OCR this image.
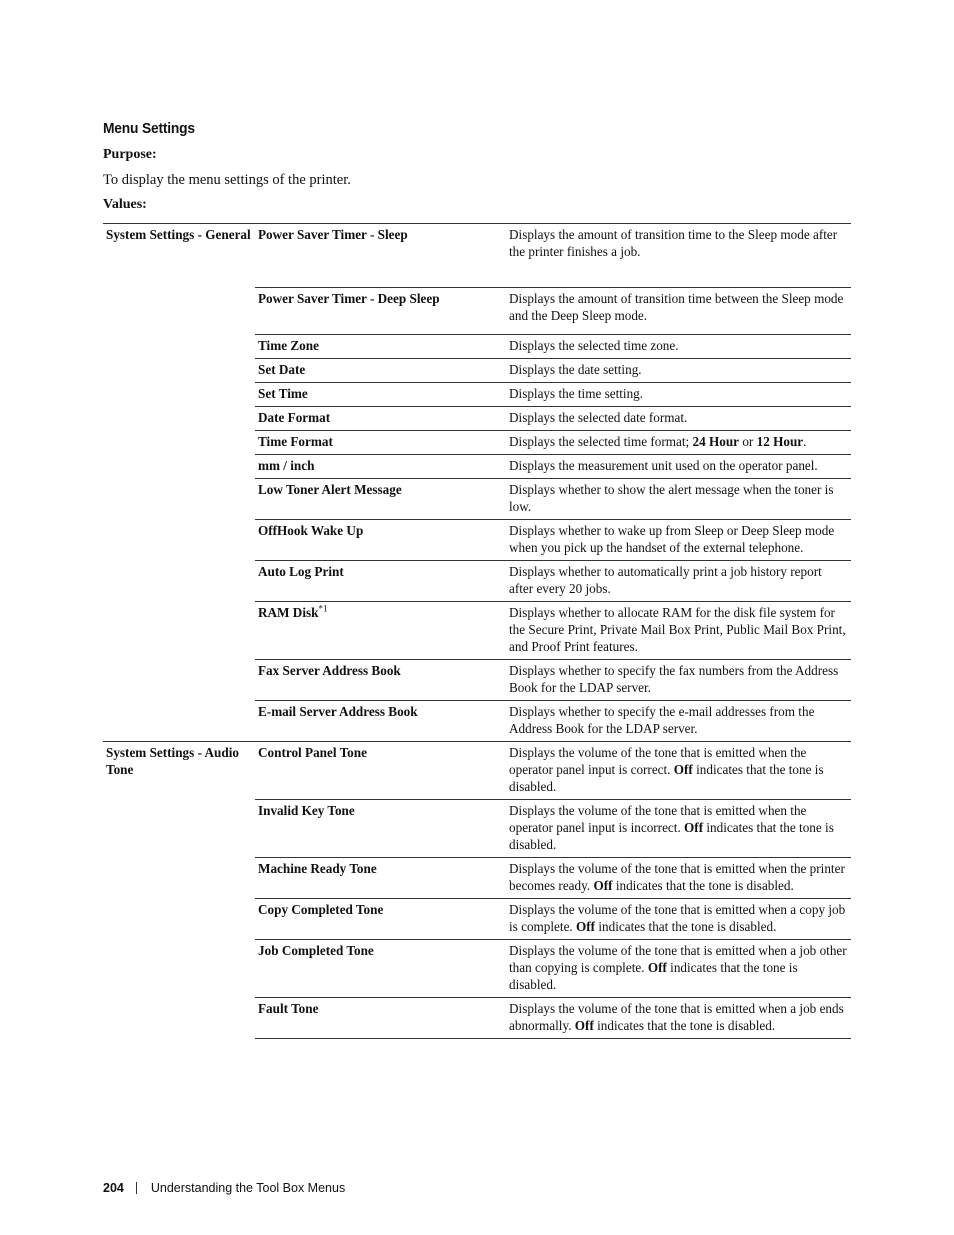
Menu Settings
Purpose:
To display the menu settings of the printer.
Values:
System Settings - General	Power Saver Timer - Sleep	Displays the amount of transition time to the Sleep mode after the printer finishes a job.
	Power Saver Timer - Deep Sleep	Displays the amount of transition time between the Sleep mode and the Deep Sleep mode.
	Time Zone	Displays the selected time zone.
	Set Date	Displays the date setting.
	Set Time	Displays the time setting.
	Date Format	Displays the selected date format.
	Time Format	Displays the selected time format; 24 Hour or 12 Hour.
	mm / inch	Displays the measurement unit used on the operator panel.
	Low Toner Alert Message	Displays whether to show the alert message when the toner is low.
	OffHook Wake Up	Displays whether to wake up from Sleep or Deep Sleep mode when you pick up the handset of the external telephone.
	Auto Log Print	Displays whether to automatically print a job history report after every 20 jobs.
	RAM Disk$^{*1}$	Displays whether to allocate RAM for the disk file system for the Secure Print, Private Mail Box Print, Public Mail Box Print, and Proof Print features.
	Fax Server Address Book	Displays whether to specify the fax numbers from the Address Book for the LDAP server.
	E-mail Server Address Book	Displays whether to specify the e-mail addresses from the Address Book for the LDAP server.
System Settings - Audio Tone	Control Panel Tone	Displays the volume of the tone that is emitted when the operator panel input is correct. Off indicates that the tone is disabled.
	Invalid Key Tone	Displays the volume of the tone that is emitted when the operator panel input is incorrect. Off indicates that the tone is disabled.
	Machine Ready Tone	Displays the volume of the tone that is emitted when the printer becomes ready. Off indicates that the tone is disabled.
	Copy Completed Tone	Displays the volume of the tone that is emitted when a copy job is complete. Off indicates that the tone is disabled.
	Job Completed Tone	Displays the volume of the tone that is emitted when a job other than copying is complete. Off indicates that the tone is disabled.
	Fault Tone	Displays the volume of the tone that is emitted when a job ends abnormally. Off indicates that the tone is disabled.
204 Understanding the Tool Box Menus
